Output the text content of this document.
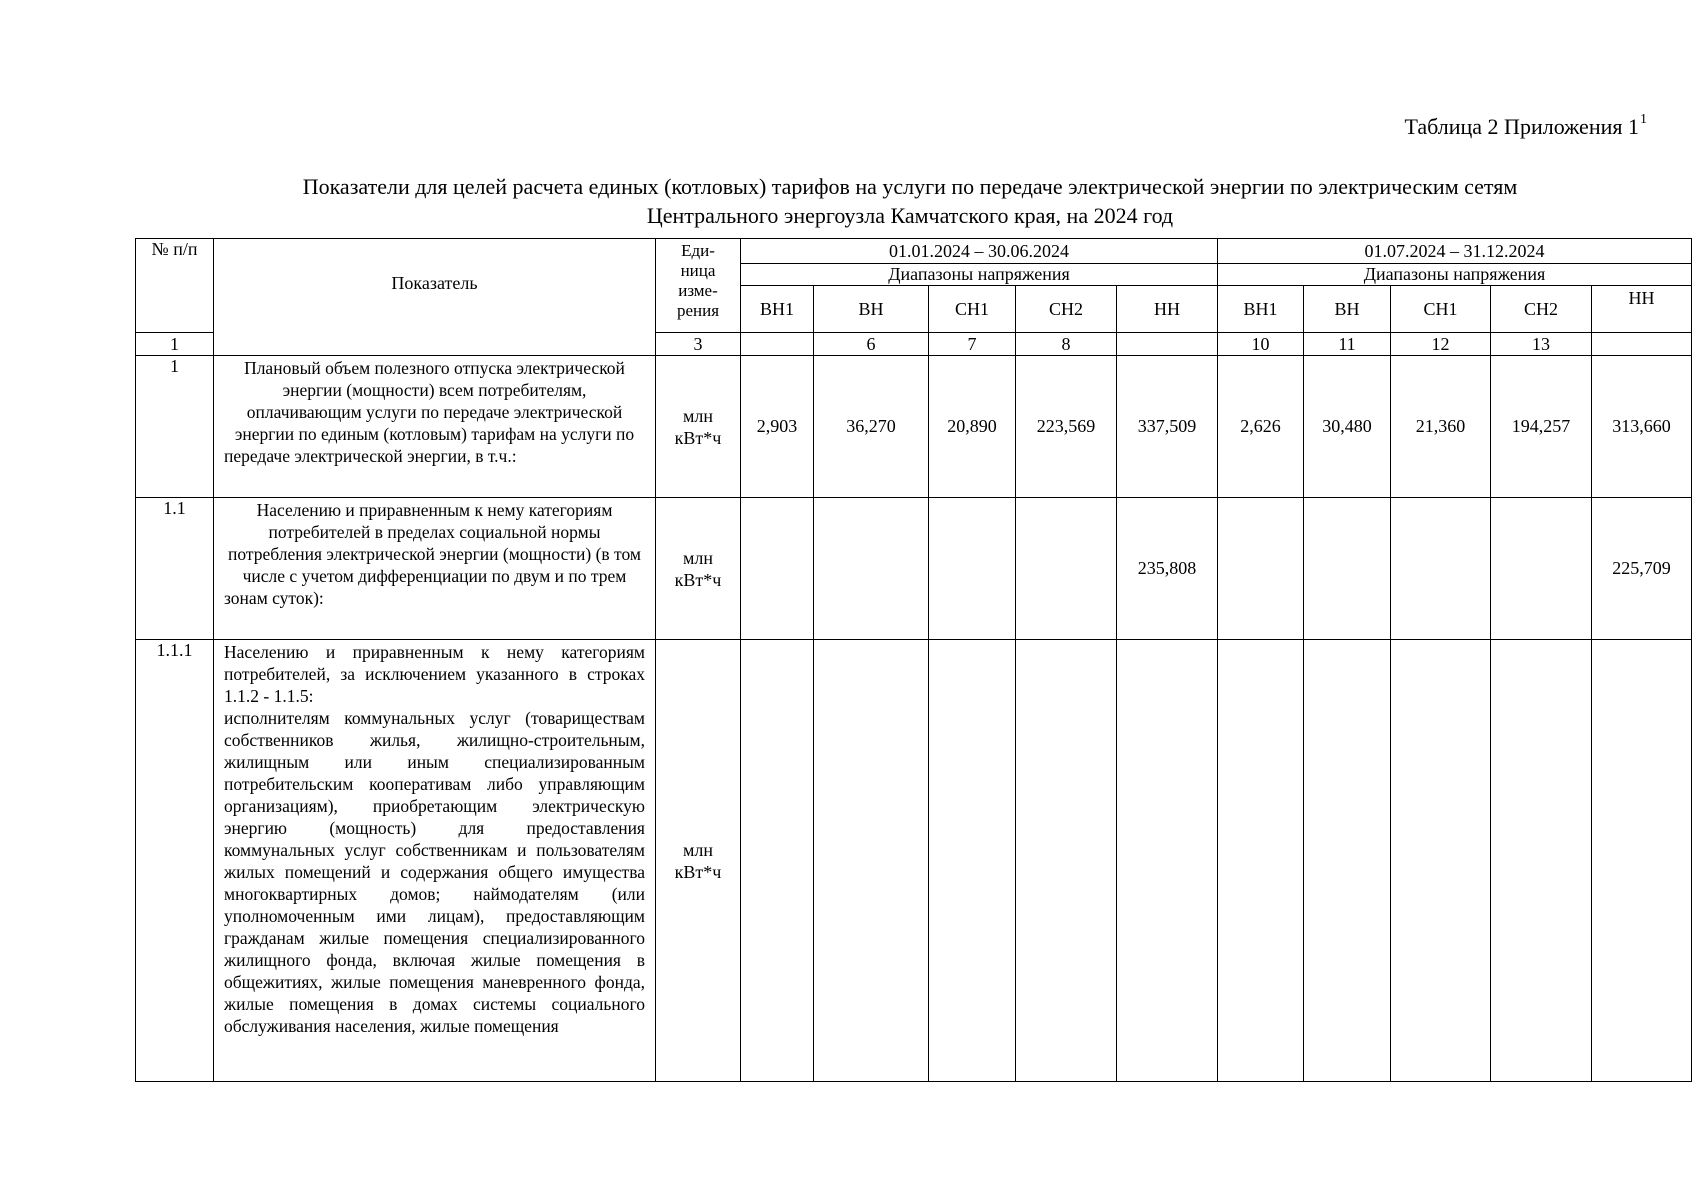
Таблица 2 Приложения $1^1$
Показатели для целей расчета единых (котловых) тарифов на услуги по передаче электрической энергии по электрическим сетям
Центрального энергоузла Камчатского края, на 2024 год
№ п/п	Показатель	Еди-
ница
изме-
рения	01.01.2024 – 30.06.2024					01.07.2024 – 31.12.2024				
			Диапазоны напряжения					Диапазоны напряжения				
			ВН1	ВН	СН1	СН2	НН	ВН1	ВН	СН1	СН2	НН
1		3		6	7	8		10	11	12	13	
1	Плановый объем полезного отпуска электрической энергии (мощности) всем потребителям, оплачивающим услуги по передаче электрической энергии по единым (котловым) тарифам на услуги по передаче электрической энергии, в т.ч.:	млн кВт*ч	2,903	36,270	20,890	223,569	337,509	2,626	30,480	21,360	194,257	313,660
1.1	Населению и приравненным к нему категориям потребителей в пределах социальной нормы потребления электрической энергии (мощности) (в том числе с учетом дифференциации по двум и по трем зонам суток):	млн кВт*ч					235,808					225,709
1.1.1	Населению и приравненным к нему категориям потребителей, за исключением указанного в строках 1.1.2 - 1.1.5:
исполнителям коммунальных услуг (товариществам собственников жилья, жилищно-строительным, жилищным или иным специализированным потребительским кооперативам либо управляющим организациям), приобретающим электрическую энергию (мощность) для предоставления коммунальных услуг собственникам и пользователям жилых помещений и содержания общего имущества многоквартирных домов; наймодателям (или уполномоченным ими лицам), предоставляющим гражданам жилые помещения специализированного жилищного фонда, включая жилые помещения в общежитиях, жилые помещения маневренного фонда, жилые помещения в домах системы социального обслуживания населения, жилые помещения	млн кВт*ч										
